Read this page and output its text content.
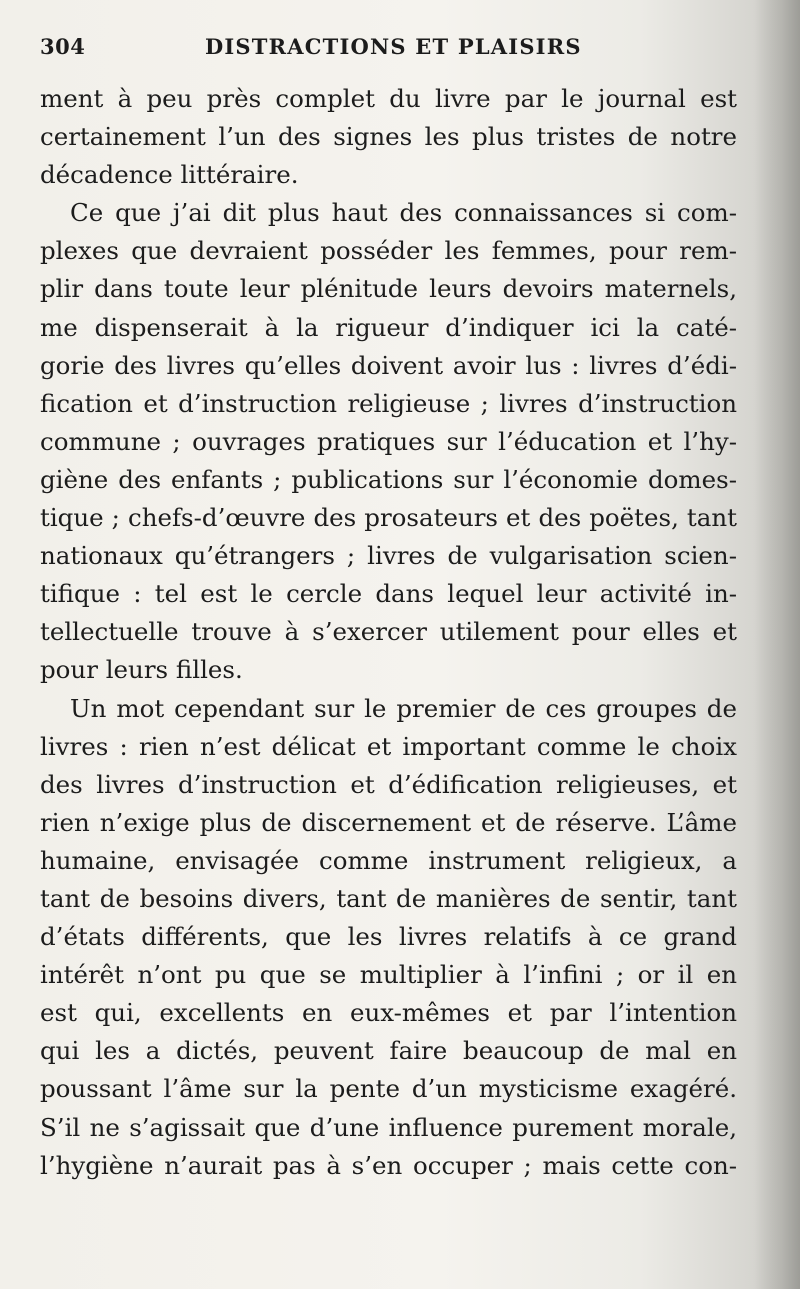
304	DISTRACTIONS ET PLAISIRS
ment à peu près complet du livre par le journal est
certainement l’un des signes les plus tristes de notre
décadence littéraire.
Ce que j’ai dit plus haut des connaissances si com-
plexes que devraient posséder les femmes, pour rem-
plir dans toute leur plénitude leurs devoirs maternels,
me dispenserait à la rigueur d’indiquer ici la caté-
gorie des livres qu’elles doivent avoir lus : livres d’édi-
fication et d’instruction religieuse ; livres d’instruction
commune ; ouvrages pratiques sur l’éducation et l’hy-
giène des enfants ; publications sur l’économie domes-
tique ; chefs-d’œuvre des prosateurs et des poëtes, tant
nationaux qu’étrangers ; livres de vulgarisation scien-
tifique : tel est le cercle dans lequel leur activité in-
tellectuelle trouve à s’exercer utilement pour elles et
pour leurs filles.
Un mot cependant sur le premier de ces groupes de
livres : rien n’est délicat et important comme le choix
des livres d’instruction et d’édification religieuses, et
rien n’exige plus de discernement et de réserve. L’âme
humaine, envisagée comme instrument religieux, a
tant de besoins divers, tant de manières de sentir, tant
d’états différents, que les livres relatifs à ce grand
intérêt n’ont pu que se multiplier à l’infini ; or il en
est qui, excellents en eux-mêmes et par l’intention
qui les a dictés, peuvent faire beaucoup de mal en
poussant l’âme sur la pente d’un mysticisme exagéré.
S’il ne s’agissait que d’une influence purement morale,
l’hygiène n’aurait pas à s’en occuper ; mais cette con-
